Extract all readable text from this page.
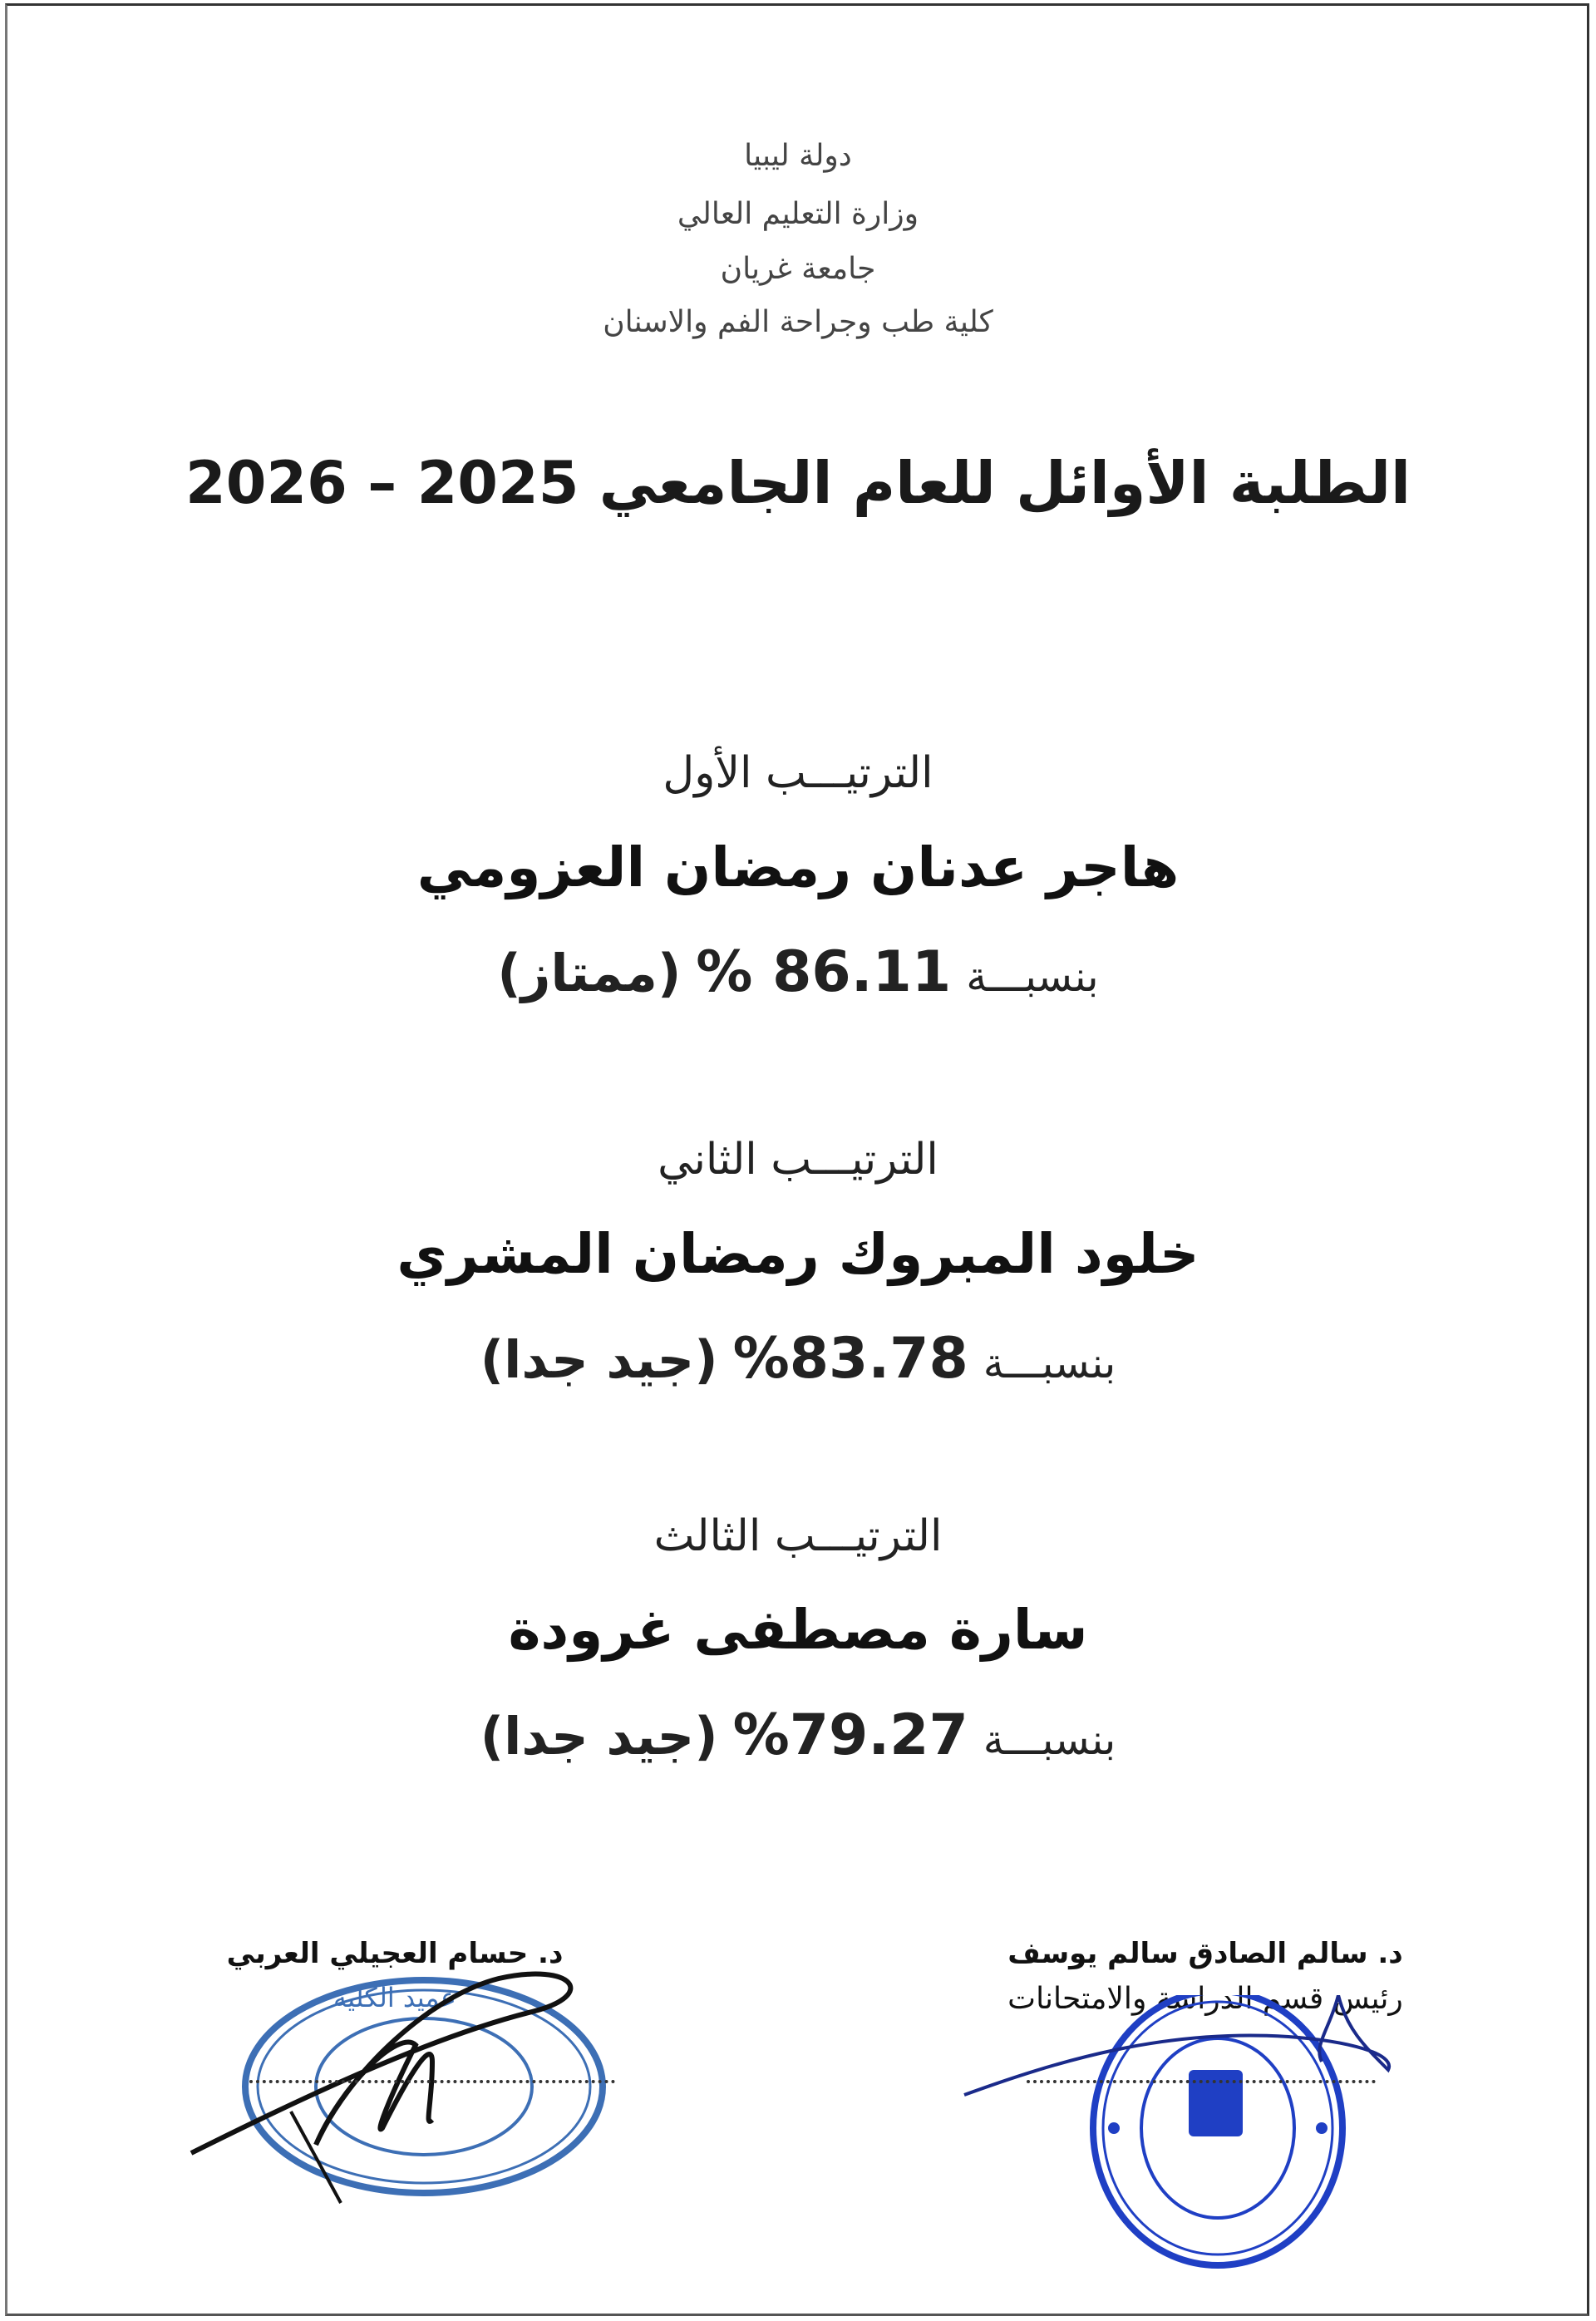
دولة ليبيا
وزارة التعليم العالي
جامعة غريان
كلية طب وجراحة الفم والاسنان
الطلبة الأوائل للعام الجامعي 2025 – 2026
الترتيـــب الأول
هاجر عدنان رمضان العزومي
بنسبـــة
% 86.11
(ممتاز)
الترتيـــب الثاني
خلود المبروك رمضان المشري
بنسبـــة
%83.78
(جيد جدا)
الترتيـــب الثالث
سارة مصطفى غرودة
بنسبـــة
%79.27
(جيد جدا)
د. حسام العجيلي العربي
عميد الكلية
د. سالم الصادق سالم يوسف
رئيس قسم الدراسة والامتحانات
